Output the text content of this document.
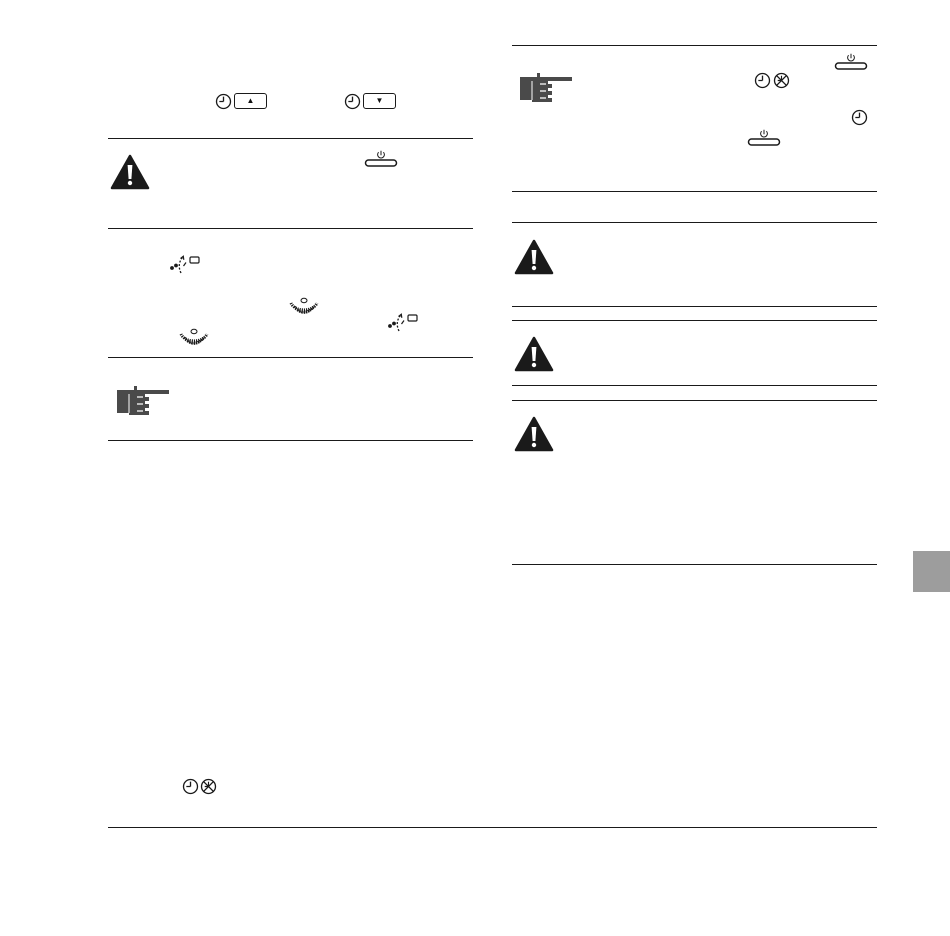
▲	▼
